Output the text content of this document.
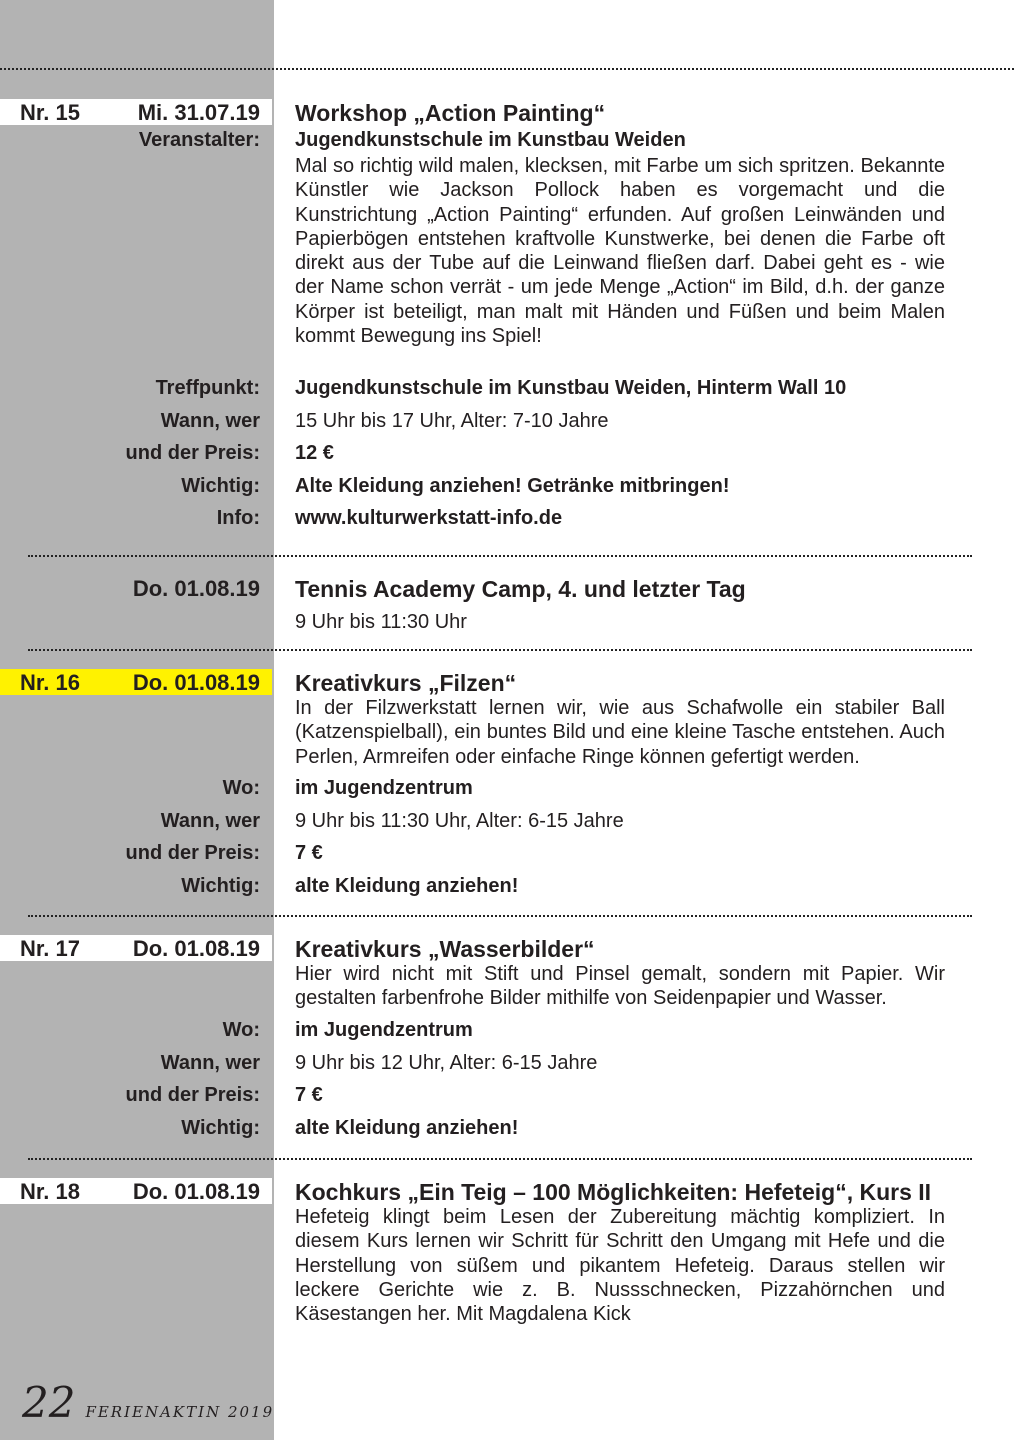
Nr. 15	Mi. 31.07.19 Workshop „Action Painting“
Veranstalter: Jugendkunstschule im Kunstbau Weiden
Mal so richtig wild malen, klecksen, mit Farbe um sich spritzen. Bekannte Künstler wie Jackson Pollock haben es vorgemacht und die Kunstrichtung „Action Painting“ erfunden. Auf großen Leinwänden und Papierbögen entstehen kraftvolle Kunstwerke, bei denen die Farbe oft direkt aus der Tube auf die Leinwand fließen darf. Dabei geht es - wie der Name schon verrät - um jede Menge „Action“ im Bild, d.h. der ganze Körper ist beteiligt, man malt mit Händen und Füßen und beim Malen kommt Bewegung ins Spiel!
Treffpunkt: Jugendkunstschule im Kunstbau Weiden, Hinterm Wall 10
Wann, wer 15 Uhr bis 17 Uhr, Alter: 7-10 Jahre
und der Preis: 12 €
Wichtig: Alte Kleidung anziehen! Getränke mitbringen!
Info: www.kulturwerkstatt-info.de
Do. 01.08.19 Tennis Academy Camp, 4. und letzter Tag
9 Uhr bis 11:30 Uhr
Nr. 16 Do. 01.08.19 Kreativkurs „Filzen“
In der Filzwerkstatt lernen wir, wie aus Schafwolle ein stabiler Ball (Katzenspielball), ein buntes Bild und eine kleine Tasche entstehen. Auch Perlen, Armreifen oder einfache Ringe können gefertigt werden.
Wo: im Jugendzentrum
Wann, wer 9 Uhr bis 11:30 Uhr, Alter: 6-15 Jahre
und der Preis: 7 €
Wichtig: alte Kleidung anziehen!
Nr. 17 Do. 01.08.19 Kreativkurs „Wasserbilder“
Hier wird nicht mit Stift und Pinsel gemalt, sondern mit Papier. Wir gestalten farbenfrohe Bilder mithilfe von Seidenpapier und Wasser.
Wo: im Jugendzentrum
Wann, wer 9 Uhr bis 12 Uhr, Alter: 6-15 Jahre
und der Preis: 7 €
Wichtig: alte Kleidung anziehen!
Nr. 18 Do. 01.08.19 Kochkurs „Ein Teig – 100 Möglichkeiten: Hefeteig“, Kurs II
Hefeteig klingt beim Lesen der Zubereitung mächtig kompliziert. In diesem Kurs lernen wir Schritt für Schritt den Umgang mit Hefe und die Herstellung von süßem und pikantem Hefeteig. Daraus stellen wir leckere Gerichte wie z. B. Nussschnecken, Pizzahörnchen und Käsestangen her. Mit Magdalena Kick
22 FERIENAKTIN 2019
